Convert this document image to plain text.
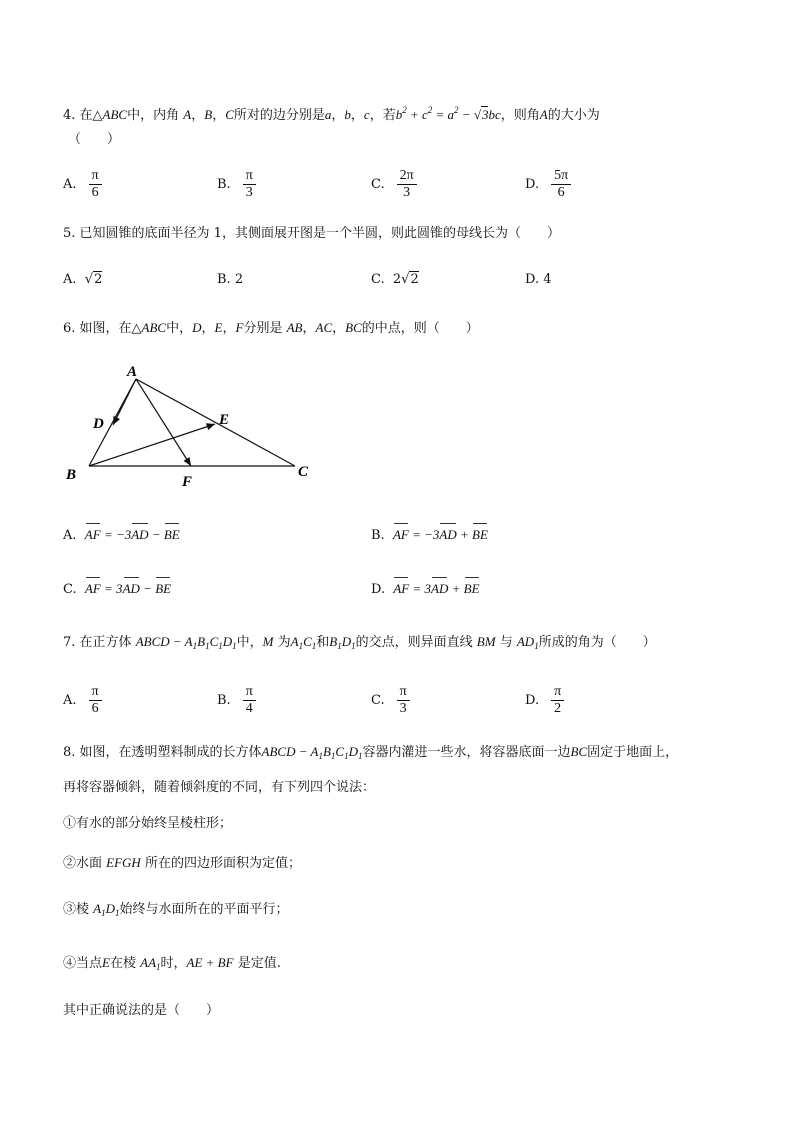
4. 在△ABC中，内角 A，B，C所对的边分别是a，b，c，若$b^2 + c^2 = a^2 - √3bc$，则角A的大小为
（　　）
A. $\frac{\pi}{6}$	B. $\frac{\pi}{3}$	C. $\frac{2\pi}{3}$	D. $\frac{5\pi}{6}$
5. 已知圆锥的底面半径为 1，其侧面展开图是一个半圆，则此圆锥的母线长为（　　）
A.  √2	B. 2	C. 2√2	D. 4
6. 如图，在△ABC中，D，E，F分别是 AB，AC，BC的中点，则（　　）
A
B	C
D	E
F
A. AF = −3AD − BE	B. AF = −3AD + BE
C. AF = 3AD − BE	D. AF = 3AD + BE
7. 在正方体 ABCD − $A_1B_1C_1D_1$中，M 为$A_1C_1$和$B_1D_1$的交点，则异面直线 BM 与 $AD_1$所成的角为（　　）
A. $\frac{\pi}{6}$	B. $\frac{\pi}{4}$	C. $\frac{\pi}{3}$	D. $\frac{\pi}{2}$
8. 如图，在透明塑料制成的长方体ABCD − $A_1B_1C_1D_1$容器内灌进一些水，将容器底面一边BC固定于地面上，
再将容器倾斜，随着倾斜度的不同，有下列四个说法：
①有水的部分始终呈棱柱形；
②水面 EFGH 所在的四边形面积为定值；
③棱 $A_1D_1$始终与水面所在的平面平行；
④当点E在棱 $AA_1$时，AE + BF 是定值.
其中正确说法的是（　　）
